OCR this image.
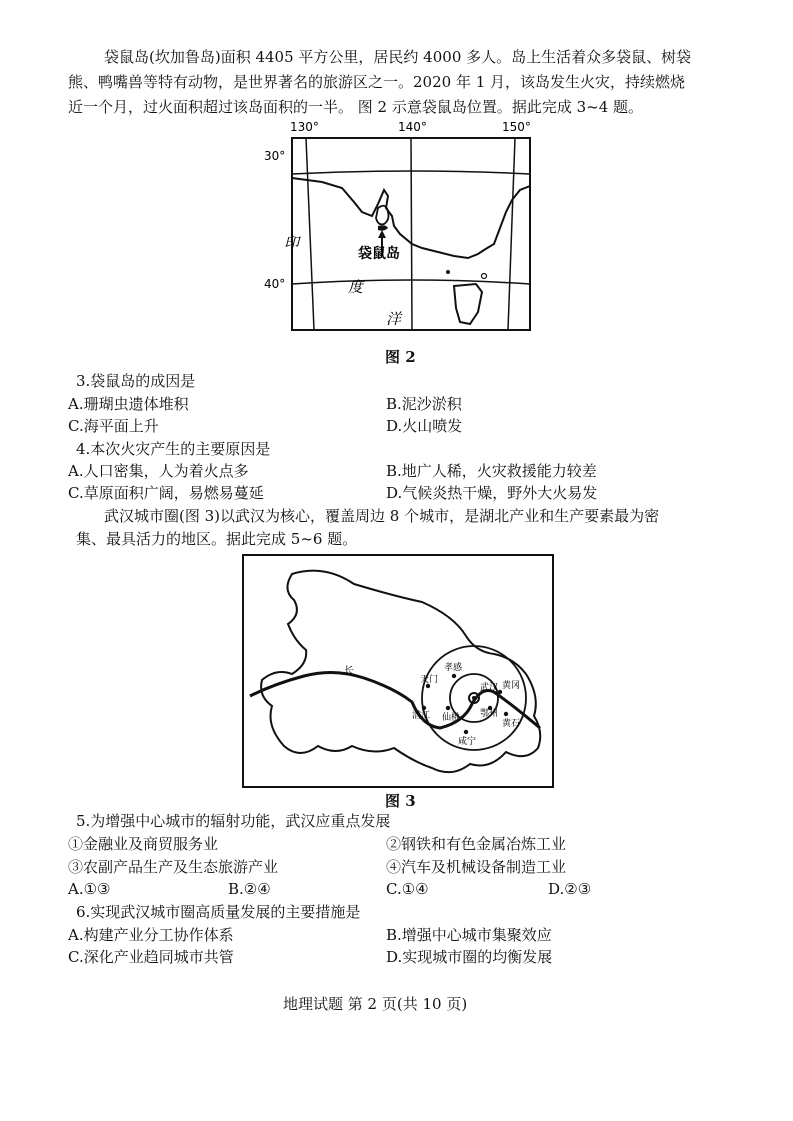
袋鼠岛(坎加鲁岛)面积 4405 平方公里，居民约 4000 多人。岛上生活着众多袋鼠、树袋
熊、鸭嘴兽等特有动物，是世界著名的旅游区之一。2020 年 1 月，该岛发生火灾，持续燃烧
近一个月，过火面积超过该岛面积的一半。 图 2 示意袋鼠岛位置。据此完成 3~4 题。
130°	140°	150°
30°
40°
袋鼠岛
印
度
洋
图 2
3.袋鼠岛的成因是
A.珊瑚虫遗体堆积	B.泥沙淤积
C.海平面上升	D.火山喷发
4.本次火灾产生的主要原因是
A.人口密集，人为着火点多	B.地广人稀，火灾救援能力较差
C.草原面积广阔，易燃易蔓延	D.气候炎热干燥，野外大火易发
武汉城市圈(图 3)以武汉为核心，覆盖周边 8 个城市，是湖北产业和生产要素最为密
集、最具活力的地区。据此完成 5~6 题。
长	孝感
天门
武汉 黄冈
潜江 仙桃 鄂州
黄石
咸宁
图 3
5.为增强中心城市的辐射功能，武汉应重点发展
①金融业及商贸服务业	②钢铁和有色金属冶炼工业
③农副产品生产及生态旅游产业	④汽车及机械设备制造工业
A.①③	B.②④	C.①④	D.②③
6.实现武汉城市圈高质量发展的主要措施是
A.构建产业分工协作体系	B.增强中心城市集聚效应
C.深化产业趋同城市共管	D.实现城市圈的均衡发展
地理试题 第 2 页(共 10 页)
